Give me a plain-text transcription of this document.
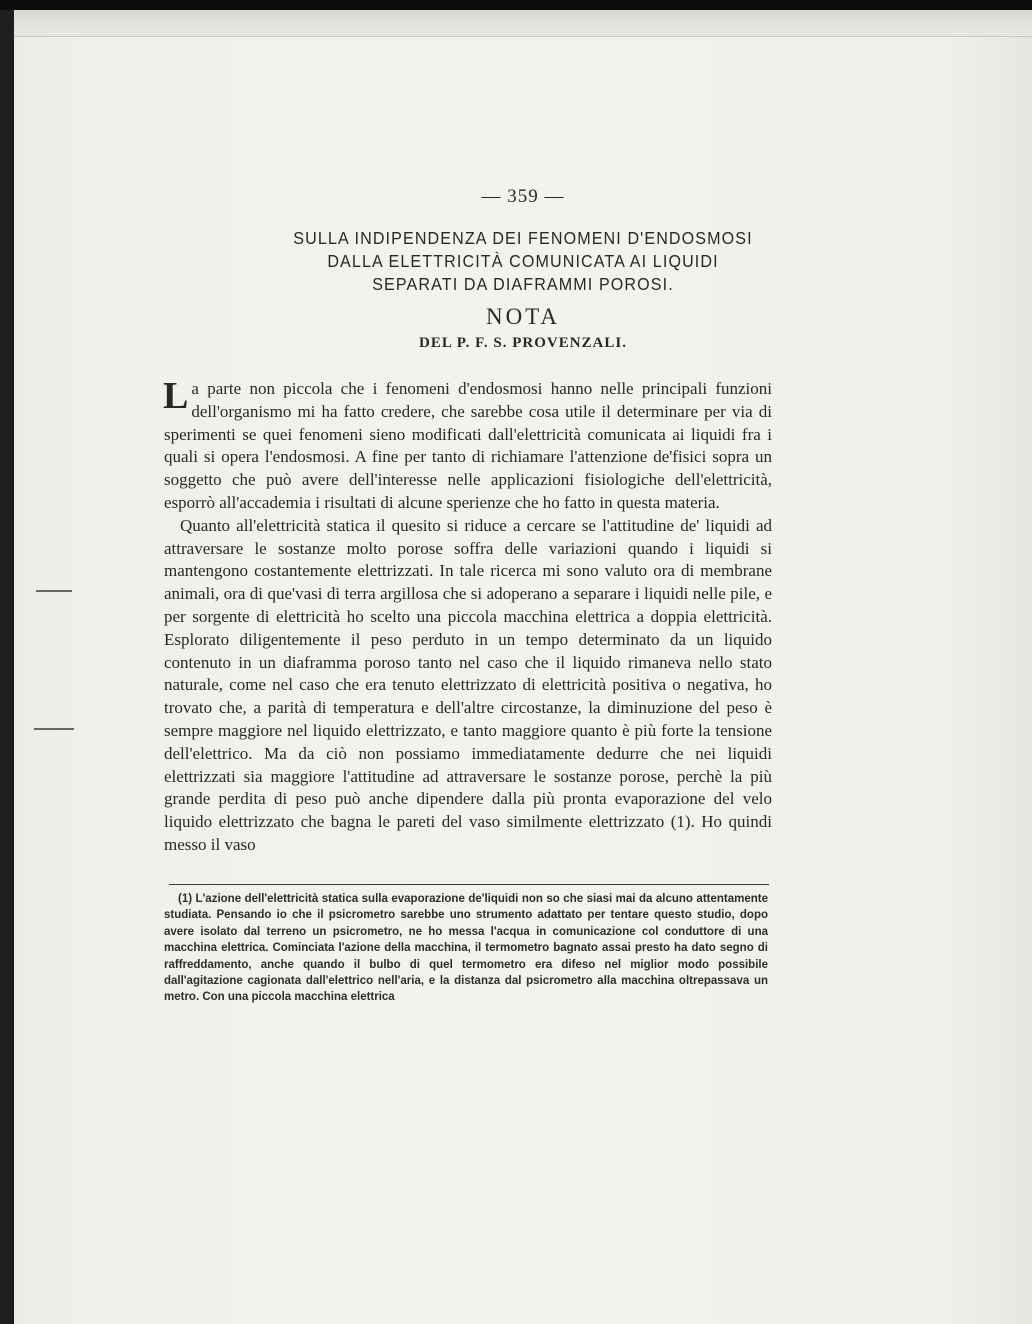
— 359 —
SULLA INDIPENDENZA DEI FENOMENI D'ENDOSMOSI
DALLA ELETTRICITÀ COMUNICATA AI LIQUIDI
SEPARATI DA DIAFRAMMI POROSI.
NOTA
DEL P. F. S. PROVENZALI.

La parte non piccola che i fenomeni d'endosmosi hanno nelle principali funzioni dell'organismo mi ha fatto credere, che sarebbe cosa utile il determinare per via di sperimenti se quei fenomeni sieno modificati dall'elettricità comunicata ai liquidi fra i quali si opera l'endosmosi. A fine per tanto di richiamare l'attenzione de'fisici sopra un soggetto che può avere dell'interesse nelle applicazioni fisiologiche dell'elettricità, esporrò all'accademia i risultati di alcune sperienze che ho fatto in questa materia.

Quanto all'elettricità statica il quesito si riduce a cercare se l'attitudine de' liquidi ad attraversare le sostanze molto porose soffra delle variazioni quando i liquidi si mantengono costantemente elettrizzati. In tale ricerca mi sono valuto ora di membrane animali, ora di que'vasi di terra argillosa che si adoperano a separare i liquidi nelle pile, e per sorgente di elettricità ho scelto una piccola macchina elettrica a doppia elettricità. Esplorato diligentemente il peso perduto in un tempo determinato da un liquido contenuto in un diaframma poroso tanto nel caso che il liquido rimaneva nello stato naturale, come nel caso che era tenuto elettrizzato di elettricità positiva o negativa, ho trovato che, a parità di temperatura e dell'altre circostanze, la diminuzione del peso è sempre maggiore nel liquido elettrizzato, e tanto maggiore quanto è più forte la tensione dell'elettrico. Ma da ciò non possiamo immediatamente dedurre che nei liquidi elettrizzati sia maggiore l'attitudine ad attraversare le sostanze porose, perchè la più grande perdita di peso può anche dipendere dalla più pronta evaporazione del velo liquido elettrizzato che bagna le pareti del vaso similmente elettrizzato (1). Ho quindi messo il vaso

(1) L'azione dell'elettricità statica sulla evaporazione de'liquidi non so che siasi mai da alcuno attentamente studiata. Pensando io che il psicrometro sarebbe uno strumento adattato per tentare questo studio, dopo avere isolato dal terreno un psicrometro, ne ho messa l'acqua in comunicazione col conduttore di una macchina elettrica. Cominciata l'azione della macchina, il termometro bagnato assai presto ha dato segno di raffreddamento, anche quando il bulbo di quel termometro era difeso nel miglior modo possibile dall'agitazione cagionata dall'elettrico nell'aria, e la distanza dal psicrometro alla macchina oltrepassava un metro. Con una piccola macchina elettrica
